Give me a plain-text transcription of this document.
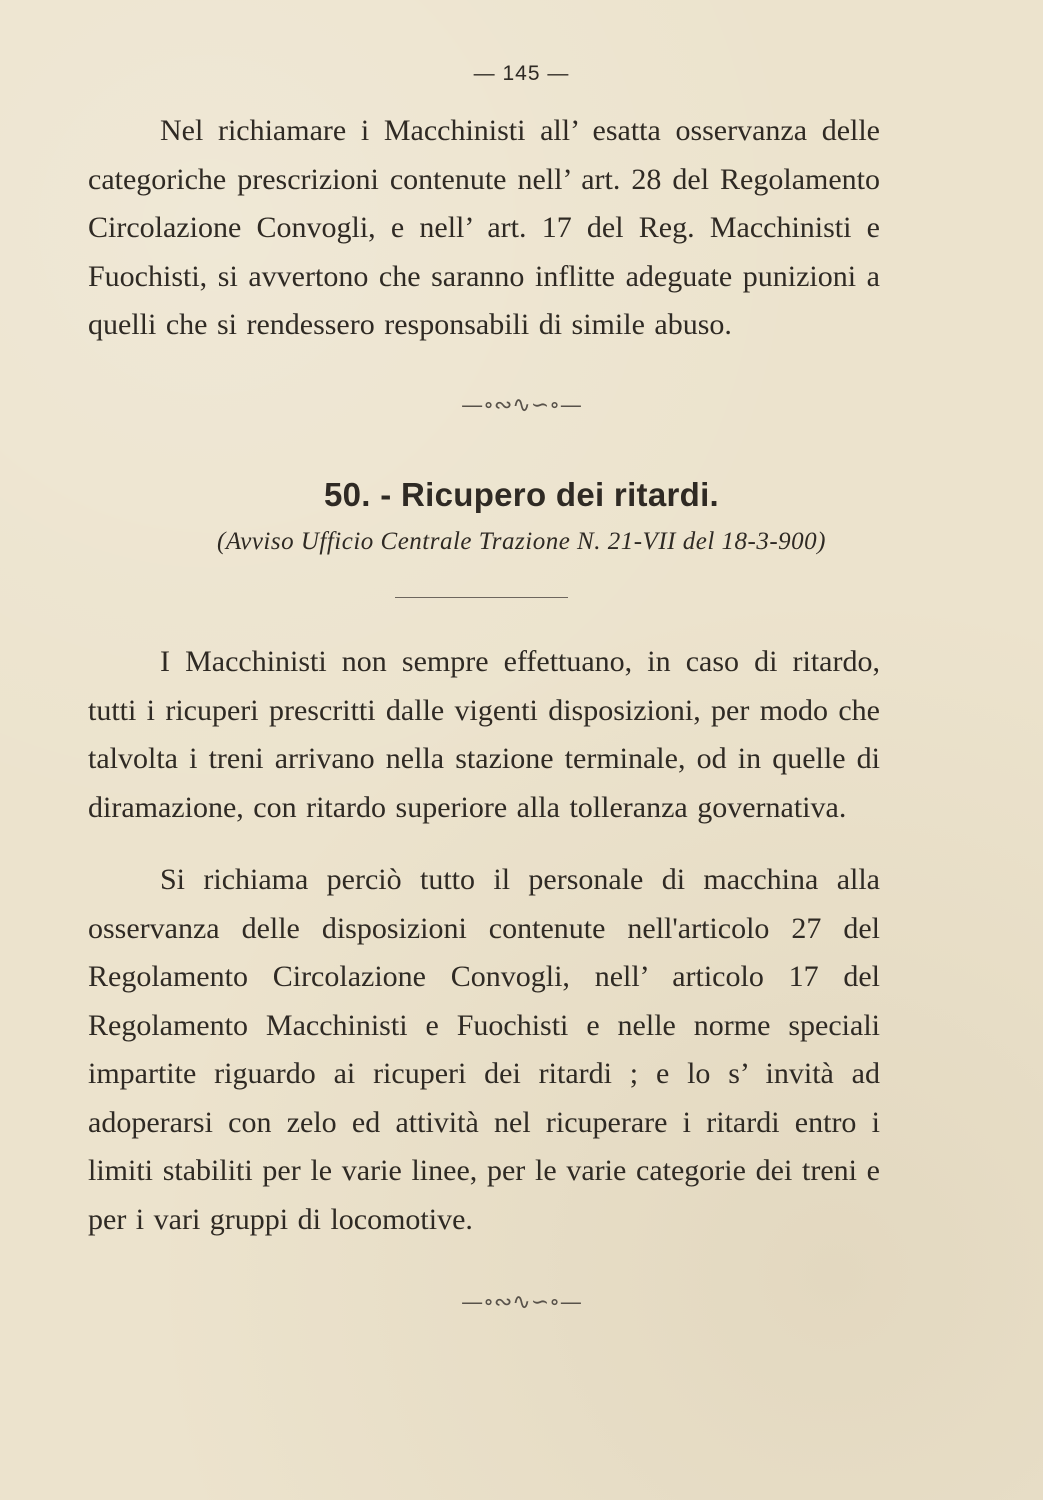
— 145 —

Nel richiamare i Macchinisti all’ esatta osservanza delle categoriche prescrizioni contenute nell’ art. 28 del Regolamento Circolazione Convogli, e nell’ art. 17 del Reg. Macchinisti e Fuochisti, si avvertono che saranno inflitte adeguate punizioni a quelli che si rendessero responsabili di simile abuso.

—∘∾∿∽∘—
50. - Ricupero dei ritardi.
(Avviso Ufficio Centrale Trazione N. 21-VII del 18-3-900)

I Macchinisti non sempre effettuano, in caso di ritardo, tutti i ricuperi prescritti dalle vigenti disposizioni, per modo che talvolta i treni arrivano nella stazione terminale, od in quelle di diramazione, con ritardo superiore alla tolleranza governativa.

Si richiama perciò tutto il personale di macchina alla osservanza delle disposizioni contenute nell'articolo 27 del Regolamento Circolazione Convogli, nell’ articolo 17 del Regolamento Macchinisti e Fuochisti e nelle norme speciali impartite riguardo ai ricuperi dei ritardi ; e lo s’ invità ad adoperarsi con zelo ed attività nel ricuperare i ritardi entro i limiti stabiliti per le varie linee, per le varie categorie dei treni e per i vari gruppi di locomotive.

—∘∾∿∽∘—
